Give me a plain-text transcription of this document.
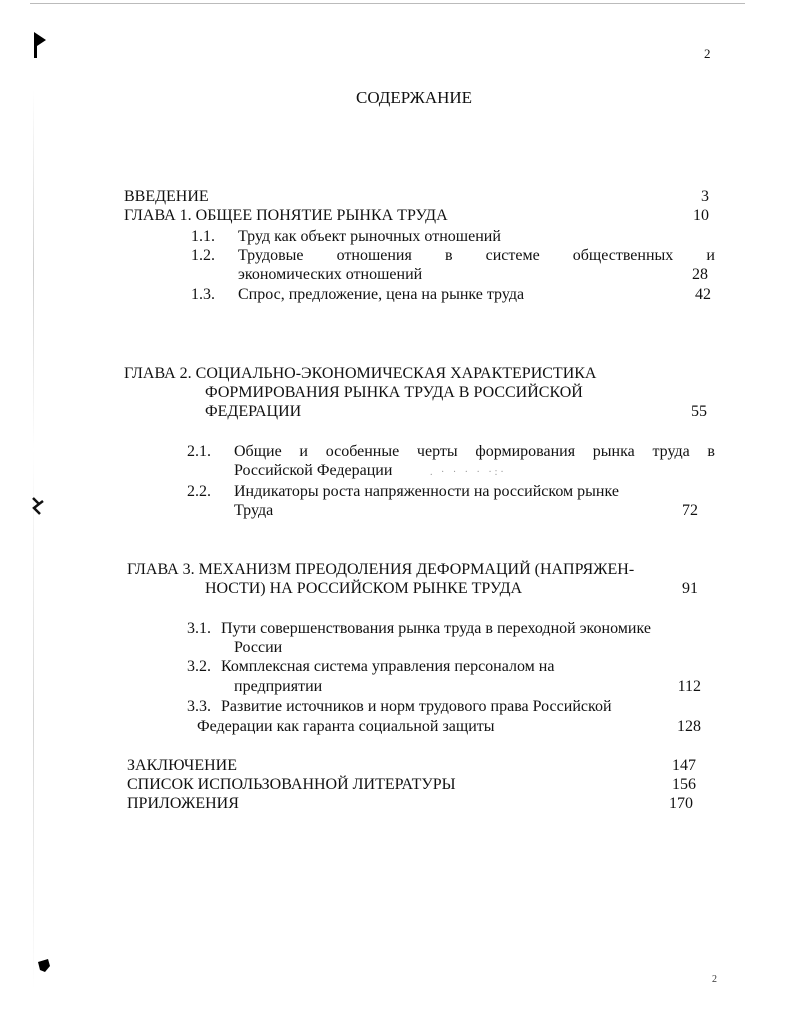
2
СОДЕРЖАНИЕ
ВВЕДЕНИЕ	3
ГЛАВА 1. ОБЩЕЕ ПОНЯТИЕ РЫНКА ТРУДА	10
1.1. Труд как объект рыночных отношений
1.2. Трудовые отношения в системе общественных и
экономических отношений	28
1.3. Спрос, предложение, цена на рынке труда	42
ГЛАВА 2. СОЦИАЛЬНО-ЭКОНОМИЧЕСКАЯ ХАРАКТЕРИСТИКА
ФОРМИРОВАНИЯ РЫНКА ТРУДА В РОССИЙСКОЙ
ФЕДЕРАЦИИ	55
2.1. Общие и особенные черты формирования рынка труда в
Российской Федерации	. · · · · ·:·
2.2. Индикаторы роста напряженности на российском рынке
Труда	72
ГЛАВА 3. МЕХАНИЗМ ПРЕОДОЛЕНИЯ ДЕФОРМАЦИЙ (НАПРЯЖЕН-
НОСТИ) НА РОССИЙСКОМ РЫНКЕ ТРУДА	91
3.1. Пути совершенствования рынка труда в переходной экономике
России
3.2. Комплексная система управления персоналом на
предприятии	112
3.3. Развитие источников и норм трудового права Российской
Федерации как гаранта социальной защиты	128
ЗАКЛЮЧЕНИЕ	147
СПИСОК ИСПОЛЬЗОВАННОЙ ЛИТЕРАТУРЫ	156
ПРИЛОЖЕНИЯ	170
2
